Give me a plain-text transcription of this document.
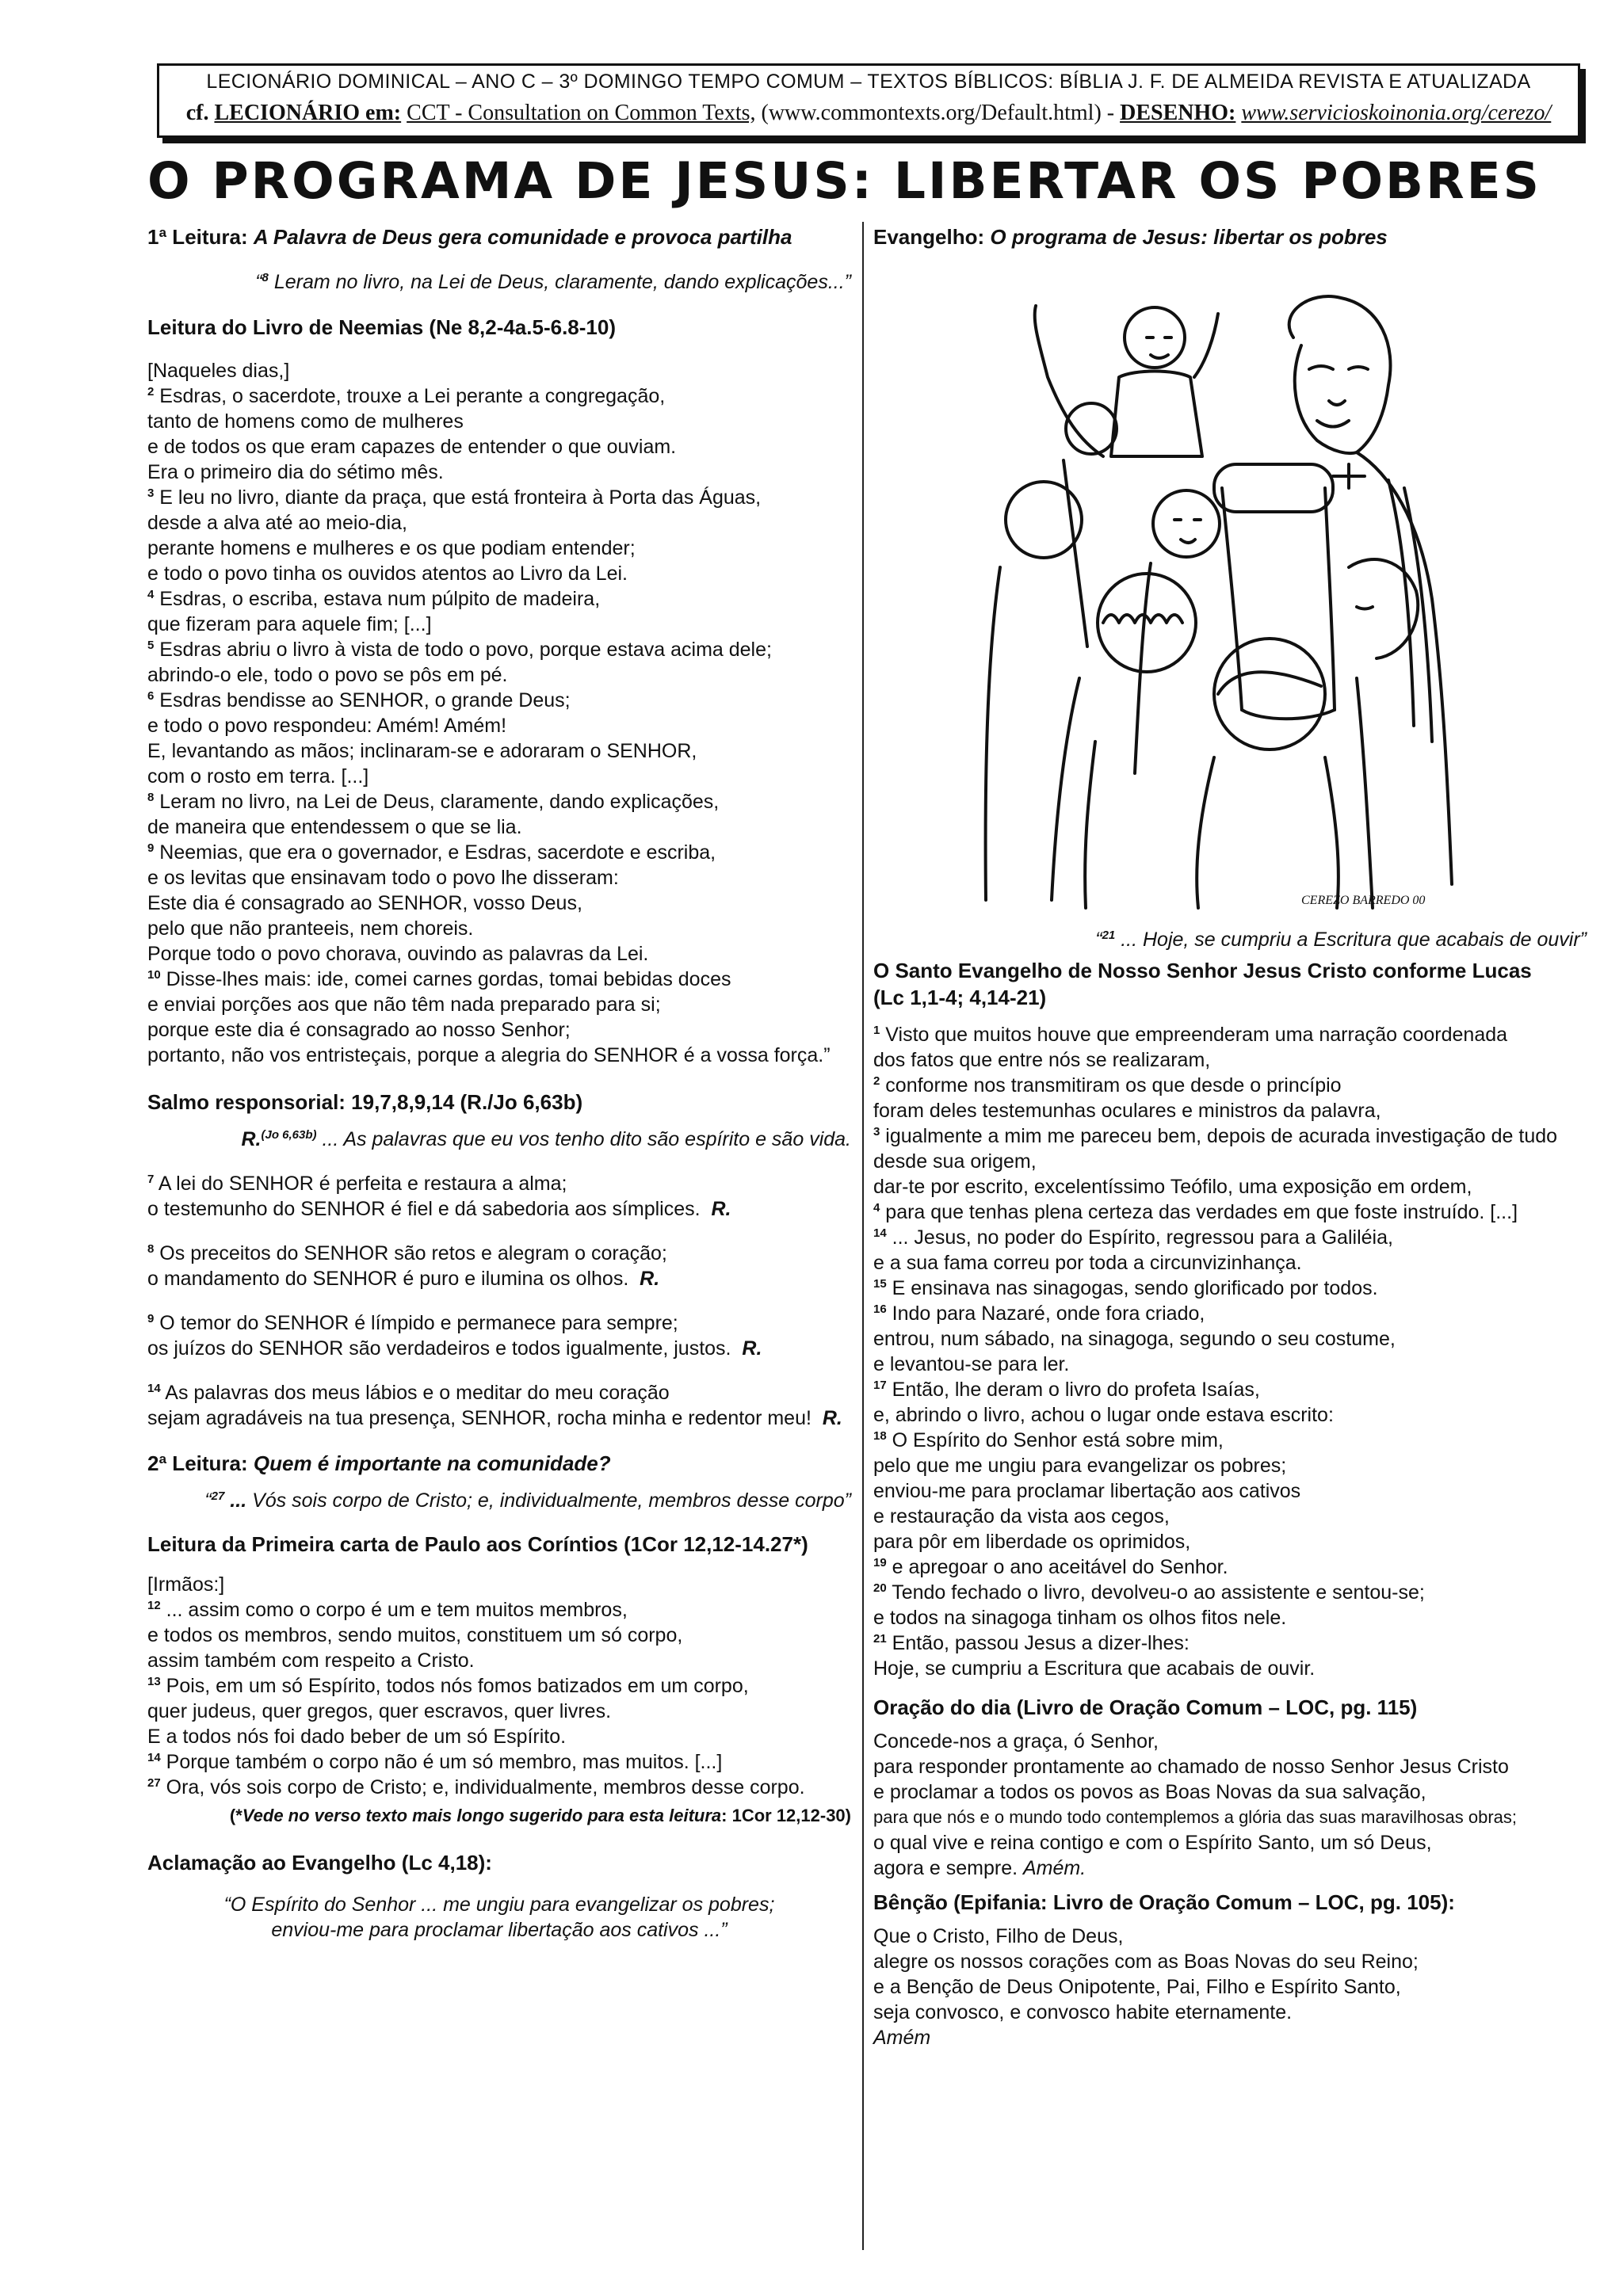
LECIONÁRIO DOMINICAL – ANO C – 3º DOMINGO TEMPO COMUM – TEXTOS BÍBLICOS: BÍBLIA J. F. DE ALMEIDA REVISTA E ATUALIZADA
cf. LECIONÁRIO em: CCT - Consultation on Common Texts, (www.commontexts.org/Default.html) - DESENHO: www.servicioskoinonia.org/cerezo/
O PROGRAMA DE JESUS: LIBERTAR OS POBRES
1ª Leitura: A Palavra de Deus gera comunidade e provoca partilha
“$^8$ Leram no livro, na Lei de Deus, claramente, dando explicações...”
Leitura do Livro de Neemias (Ne 8,2-4a.5-6.8-10)
[Naqueles dias,]
$^2$ Esdras, o sacerdote, trouxe a Lei perante a congregação,
tanto de homens como de mulheres
e de todos os que eram capazes de entender o que ouviam.
Era o primeiro dia do sétimo mês.
$^3$ E leu no livro, diante da praça, que está fronteira à Porta das Águas,
desde a alva até ao meio-dia,
perante homens e mulheres e os que podiam entender;
e todo o povo tinha os ouvidos atentos ao Livro da Lei.
$^4$ Esdras, o escriba, estava num púlpito de madeira,
que fizeram para aquele fim; [...]
$^5$ Esdras abriu o livro à vista de todo o povo, porque estava acima dele;
abrindo-o ele, todo o povo se pôs em pé.
$^6$ Esdras bendisse ao SENHOR, o grande Deus;
e todo o povo respondeu: Amém! Amém!
E, levantando as mãos; inclinaram-se e adoraram o SENHOR,
com o rosto em terra. [...]
$^8$ Leram no livro, na Lei de Deus, claramente, dando explicações,
de maneira que entendessem o que se lia.
$^9$ Neemias, que era o governador, e Esdras, sacerdote e escriba,
e os levitas que ensinavam todo o povo lhe disseram:
Este dia é consagrado ao SENHOR, vosso Deus,
pelo que não pranteeis, nem choreis.
Porque todo o povo chorava, ouvindo as palavras da Lei.
$^{10}$ Disse-lhes mais: ide, comei carnes gordas, tomai bebidas doces
e enviai porções aos que não têm nada preparado para si;
porque este dia é consagrado ao nosso Senhor;
portanto, não vos entristeçais, porque a alegria do SENHOR é a vossa força.”
Salmo responsorial: 19,7,8,9,14 (R./Jo 6,63b)
R.$^{(Jo 6,63b)}$ ... As palavras que eu vos tenho dito são espírito e são vida.
$^7$ A lei do SENHOR é perfeita e restaura a alma;
o testemunho do SENHOR é fiel e dá sabedoria aos símplices. R.
$^8$ Os preceitos do SENHOR são retos e alegram o coração;
o mandamento do SENHOR é puro e ilumina os olhos. R.
$^9$ O temor do SENHOR é límpido e permanece para sempre;
os juízos do SENHOR são verdadeiros e todos igualmente, justos. R.
$^{14}$ As palavras dos meus lábios e o meditar do meu coração
sejam agradáveis na tua presença, SENHOR, rocha minha e redentor meu! R.
2ª Leitura: Quem é importante na comunidade?
“$^{27}$ ... Vós sois corpo de Cristo; e, individualmente, membros desse corpo”
Leitura da Primeira carta de Paulo aos Coríntios (1Cor 12,12-14.27*)
[Irmãos:]
$^{12}$ ... assim como o corpo é um e tem muitos membros,
e todos os membros, sendo muitos, constituem um só corpo,
assim também com respeito a Cristo.
$^{13}$ Pois, em um só Espírito, todos nós fomos batizados em um corpo,
quer judeus, quer gregos, quer escravos, quer livres.
E a todos nós foi dado beber de um só Espírito.
$^{14}$ Porque também o corpo não é um só membro, mas muitos. [...]
$^{27}$ Ora, vós sois corpo de Cristo; e, individualmente, membros desse corpo.
(*Vede no verso texto mais longo sugerido para esta leitura: 1Cor 12,12-30)
Aclamação ao Evangelho (Lc 4,18):
“O Espírito do Senhor ... me ungiu para evangelizar os pobres;
enviou-me para proclamar libertação aos cativos ...”
Evangelho: O programa de Jesus: libertar os pobres
CEREZO BARREDO 00
“$^{21}$ ... Hoje, se cumpriu a Escritura que acabais de ouvir”
O Santo Evangelho de Nosso Senhor Jesus Cristo conforme Lucas
(Lc 1,1-4; 4,14-21)
$^1$ Visto que muitos houve que empreenderam uma narração coordenada
dos fatos que entre nós se realizaram,
$^2$ conforme nos transmitiram os que desde o princípio
foram deles testemunhas oculares e ministros da palavra,
$^3$ igualmente a mim me pareceu bem, depois de acurada investigação de tudo
desde sua origem,
dar-te por escrito, excelentíssimo Teófilo, uma exposição em ordem,
$^4$ para que tenhas plena certeza das verdades em que foste instruído. [...]
$^{14}$ ... Jesus, no poder do Espírito, regressou para a Galiléia,
e a sua fama correu por toda a circunvizinhança.
$^{15}$ E ensinava nas sinagogas, sendo glorificado por todos.
$^{16}$ Indo para Nazaré, onde fora criado,
entrou, num sábado, na sinagoga, segundo o seu costume,
e levantou-se para ler.
$^{17}$ Então, lhe deram o livro do profeta Isaías,
e, abrindo o livro, achou o lugar onde estava escrito:
$^{18}$ O Espírito do Senhor está sobre mim,
pelo que me ungiu para evangelizar os pobres;
enviou-me para proclamar libertação aos cativos
e restauração da vista aos cegos,
para pôr em liberdade os oprimidos,
$^{19}$ e apregoar o ano aceitável do Senhor.
$^{20}$ Tendo fechado o livro, devolveu-o ao assistente e sentou-se;
e todos na sinagoga tinham os olhos fitos nele.
$^{21}$ Então, passou Jesus a dizer-lhes:
Hoje, se cumpriu a Escritura que acabais de ouvir.
Oração do dia (Livro de Oração Comum – LOC, pg. 115)
Concede-nos a graça, ó Senhor,
para responder prontamente ao chamado de nosso Senhor Jesus Cristo
e proclamar a todos os povos as Boas Novas da sua salvação,
para que nós e o mundo todo contemplemos a glória das suas maravilhosas obras;
o qual vive e reina contigo e com o Espírito Santo, um só Deus,
agora e sempre. Amém.
Bênção (Epifania: Livro de Oração Comum – LOC, pg. 105):
Que o Cristo, Filho de Deus,
alegre os nossos corações com as Boas Novas do seu Reino;
e a Benção de Deus Onipotente, Pai, Filho e Espírito Santo,
seja convosco, e convosco habite eternamente.
Amém
